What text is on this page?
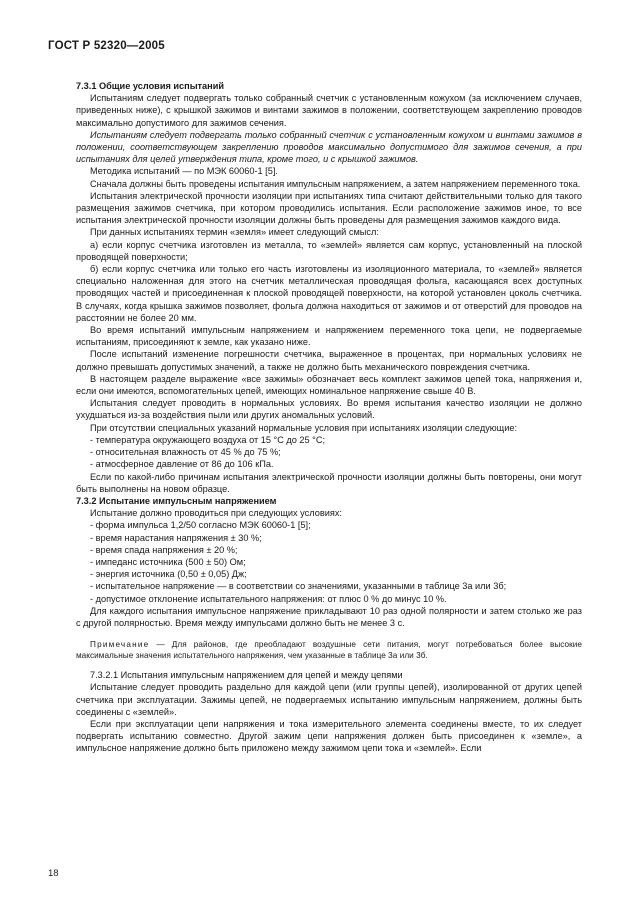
ГОСТ Р 52320—2005

7.3.1 Общие условия испытаний

Испытаниям следует подвергать только собранный счетчик с установленным кожухом (за исключением случаев, приведенных ниже), с крышкой зажимов и винтами зажимов в положении, соответствующем закреплению проводов максимально допустимого для зажимов сечения.

Испытаниям следует подвергать только собранный счетчик с установленным кожухом и винтами зажимов в положении, соответствующем закреплению проводов максимально допустимого для зажимов сечения, а при испытаниях для целей утверждения типа, кроме того, и с крышкой зажимов.

Методика испытаний — по МЭК 60060-1 [5].

Сначала должны быть проведены испытания импульсным напряжением, а затем напряжением переменного тока.

Испытания электрической прочности изоляции при испытаниях типа считают действительными только для такого размещения зажимов счетчика, при котором проводились испытания. Если расположение зажимов иное, то все испытания электрической прочности изоляции должны быть проведены для размещения зажимов каждого вида.

При данных испытаниях термин «земля» имеет следующий смысл:

а) если корпус счетчика изготовлен из металла, то «землей» является сам корпус, установленный на плоской проводящей поверхности;

б) если корпус счетчика или только его часть изготовлены из изоляционного материала, то «землей» является специально наложенная для этого на счетчик металлическая проводящая фольга, касающаяся всех доступных проводящих частей и присоединенная к плоской проводящей поверхности, на которой установлен цоколь счетчика. В случаях, когда крышка зажимов позволяет, фольга должна находиться от зажимов и от отверстий для проводов на расстоянии не более 20 мм.

Во время испытаний импульсным напряжением и напряжением переменного тока цепи, не подвергаемые испытаниям, присоединяют к земле, как указано ниже.

После испытаний изменение погрешности счетчика, выраженное в процентах, при нормальных условиях не должно превышать допустимых значений, а также не должно быть механического повреждения счетчика.

В настоящем разделе выражение «все зажимы» обозначает весь комплект зажимов цепей тока, напряжения и, если они имеются, вспомогательных цепей, имеющих номинальное напряжение свыше 40 В.

Испытания следует проводить в нормальных условиях. Во время испытания качество изоляции не должно ухудшаться из-за воздействия пыли или других аномальных условий.

При отсутствии специальных указаний нормальные условия при испытаниях изоляции следующие:

- температура окружающего воздуха от 15 °С до 25 °С;

- относительная влажность от 45 % до 75 %;

- атмосферное давление от 86 до 106 кПа.

Если по какой-либо причинам испытания электрической прочности изоляции должны быть повторены, они могут быть выполнены на новом образце.

7.3.2 Испытание импульсным напряжением

Испытание должно проводиться при следующих условиях:

- форма импульса 1,2/50 согласно МЭК 60060-1 [5];

- время нарастания напряжения ± 30 %;

- время спада напряжения ± 20 %;

- импеданс источника (500 ± 50) Ом;

- энергия источника (0,50 ± 0,05) Дж;

- испытательное напряжение — в соответствии со значениями, указанными в таблице 3а или 3б;

- допустимое отклонение испытательного напряжения: от плюс 0 % до минус 10 %.

Для каждого испытания импульсное напряжение прикладывают 10 раз одной полярности и затем столько же раз с другой полярностью. Время между импульсами должно быть не менее 3 с.

Примечание — Для районов, где преобладают воздушные сети питания, могут потребоваться более высокие максимальные значения испытательного напряжения, чем указанные в таблице 3а или 3б.

7.3.2.1 Испытания импульсным напряжением для цепей и между цепями

Испытание следует проводить раздельно для каждой цепи (или группы цепей), изолированной от других цепей счетчика при эксплуатации. Зажимы цепей, не подвергаемых испытанию импульсным напряжением, должны быть соединены с «землей».

Если при эксплуатации цепи напряжения и тока измерительного элемента соединены вместе, то их следует подвергать испытанию совместно. Другой зажим цепи напряжения должен быть присоединен к «земле», а импульсное напряжение должно быть приложено между зажимом цепи тока и «землей». Если

18
